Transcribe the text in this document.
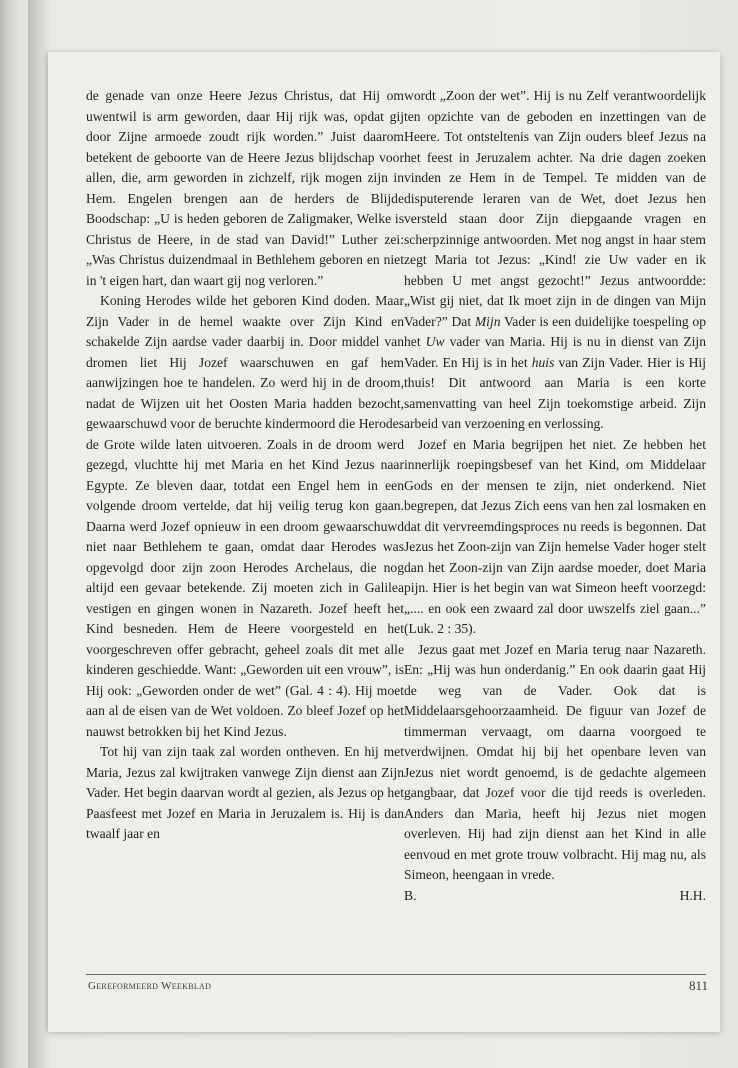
de genade van onze Heere Jezus Christus, dat Hij om uwentwil is arm geworden, daar Hij rijk was, opdat gij door Zijne armoede zoudt rijk worden.” Juist daarom betekent de geboorte van de Heere Jezus blijdschap voor allen, die, arm geworden in zichzelf, rijk mogen zijn in Hem. Engelen brengen aan de herders de Blijde Boodschap: „U is heden geboren de Zaligmaker, Welke is Christus de Heere, in de stad van David!” Luther zei: „Was Christus duizendmaal in Bethlehem geboren en niet in 't eigen hart, dan waart gij nog verloren.”

Koning Herodes wilde het geboren Kind doden. Maar Zijn Vader in de hemel waakte over Zijn Kind en schakelde Zijn aardse vader daarbij in. Door middel van dromen liet Hij Jozef waarschuwen en gaf hem aanwijzingen hoe te handelen. Zo werd hij in de droom, nadat de Wijzen uit het Oosten Maria hadden bezocht, gewaarschuwd voor de beruchte kindermoord die Herodes de Grote wilde laten uitvoeren. Zoals in de droom werd gezegd, vluchtte hij met Maria en het Kind Jezus naar Egypte. Ze bleven daar, totdat een Engel hem in een volgende droom vertelde, dat hij veilig terug kon gaan. Daarna werd Jozef opnieuw in een droom gewaarschuwd niet naar Bethlehem te gaan, omdat daar Herodes was opgevolgd door zijn zoon Herodes Archelaus, die nog altijd een gevaar betekende. Zij moeten zich in Galilea vestigen en gingen wonen in Nazareth. Jozef heeft het Kind besneden. Hem de Heere voorgesteld en het voorgeschreven offer gebracht, geheel zoals dit met alle kinderen geschiedde. Want: „Geworden uit een vrouw”, is Hij ook: „Geworden onder de wet” (Gal. 4 : 4). Hij moet aan al de eisen van de Wet voldoen. Zo bleef Jozef op het nauwst betrokken bij het Kind Jezus.

Tot hij van zijn taak zal worden ontheven. En hij met Maria, Jezus zal kwijtraken vanwege Zijn dienst aan Zijn Vader. Het begin daarvan wordt al gezien, als Jezus op het Paasfeest met Jozef en Maria in Jeruzalem is. Hij is dan twaalf jaar en

wordt „Zoon der wet”. Hij is nu Zelf verantwoordelijk ten opzichte van de geboden en inzettingen van de Heere. Tot ontsteltenis van Zijn ouders bleef Jezus na het feest in Jeruzalem achter. Na drie dagen zoeken vinden ze Hem in de Tempel. Te midden van de disputerende leraren van de Wet, doet Jezus hen versteld staan door Zijn diepgaande vragen en scherpzinnige antwoorden. Met nog angst in haar stem zegt Maria tot Jezus: „Kind! zie Uw vader en ik hebben U met angst gezocht!” Jezus antwoordde: „Wist gij niet, dat Ik moet zijn in de dingen van Mijn Vader?” Dat Mijn Vader is een duidelijke toespeling op het Uw vader van Maria. Hij is nu in dienst van Zijn Vader. En Hij is in het huis van Zijn Vader. Hier is Hij thuis! Dit antwoord aan Maria is een korte samenvatting van heel Zijn toekomstige arbeid. Zijn arbeid van verzoening en verlossing.

Jozef en Maria begrijpen het niet. Ze hebben het innerlijk roepingsbesef van het Kind, om Middelaar Gods en der mensen te zijn, niet onderkend. Niet begrepen, dat Jezus Zich eens van hen zal losmaken en dat dit vervreemdingsproces nu reeds is begonnen. Dat Jezus het Zoon-zijn van Zijn hemelse Vader hoger stelt dan het Zoon-zijn van Zijn aardse moeder, doet Maria pijn. Hier is het begin van wat Simeon heeft voorzegd: „.... en ook een zwaard zal door uwszelfs ziel gaan...” (Luk. 2 : 35).

Jezus gaat met Jozef en Maria terug naar Nazareth. En: „Hij was hun onderdanig.” En ook daarin gaat Hij de weg van de Vader. Ook dat is Middelaarsgehoorzaamheid. De figuur van Jozef de timmerman vervaagt, om daarna voorgoed te verdwijnen. Omdat hij bij het openbare leven van Jezus niet wordt genoemd, is de gedachte algemeen gangbaar, dat Jozef voor die tijd reeds is overleden. Anders dan Maria, heeft hij Jezus niet mogen overleven. Hij had zijn dienst aan het Kind in alle eenvoud en met grote trouw volbracht. Hij mag nu, als Simeon, heengaan in vrede.

B.	H.H.
Gereformeerd Weekblad	811
